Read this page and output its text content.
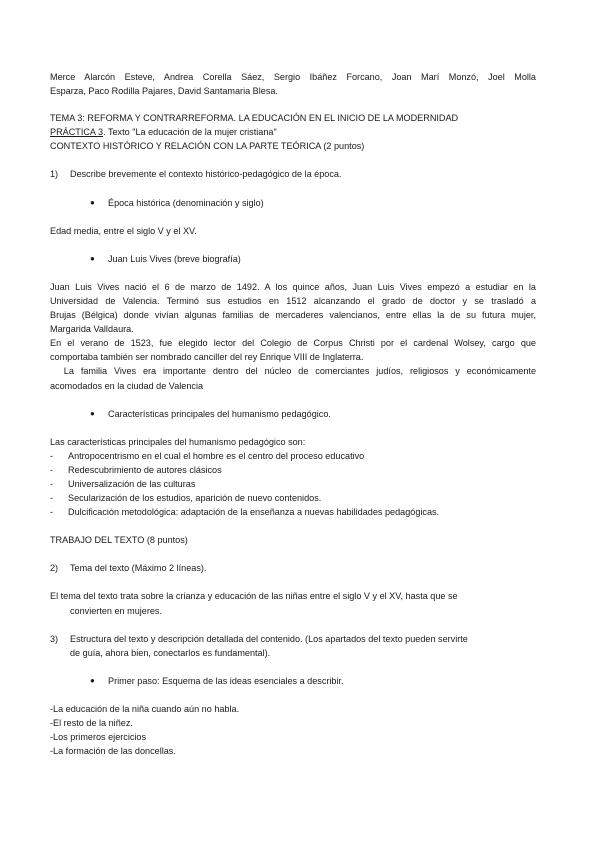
Merce Alarcón Esteve, Andrea Corella Sáez, Sergio Ibáñez Forcano, Joan Marí Monzó, Joel Molla

Esparza, Paco Rodilla Pajares, David Santamaria Blesa.

TEMA 3: REFORMA Y CONTRARREFORMA. LA EDUCACIÓN EN EL INICIO DE LA MODERNIDAD

PRÁCTICA 3. Texto "La educación de la mujer cristiana"

CONTEXTO HISTÓRICO Y RELACIÓN CON LA PARTE TEÓRICA (2 puntos)

1)	Describe brevemente el contexto histórico-pedagógico de la época.
●	Época histórica (denominación y siglo)

Edad media, entre el siglo V y el XV.

●	Juan Luis Vives (breve biografía)

Juan Luis Vives nació el 6 de marzo de 1492. A los quince años, Juan Luis Vives empezó a estudiar en la

Universidad de Valencia. Terminó sus estudios en 1512 alcanzando el grado de doctor y se trasladó a

Brujas (Bélgica) donde vivían algunas familias de mercaderes valencianos, entre ellas la de su futura mujer,

Margarida Valldaura.

En el verano de 1523, fue elegido lector del Colegio de Corpus Christi por el cardenal Wolsey, cargo que

comportaba también ser nombrado canciller del rey Enrique VIII de Inglaterra.

La familia Vives era importante dentro del núcleo de comerciantes judíos, religiosos y económicamente

acomodados en la ciudad de Valencia

●	Características principales del humanismo pedagógico.

Las características principales del humanismo pedagógico son:

-	Antropocentrismo en el cual el hombre es el centro del proceso educativo
-	Redescubrimiento de autores clásicos
-	Universalización de las culturas
-	Secularización de los estudios, aparición de nuevo contenidos.
-	Dulcificación metodológica: adaptación de la enseñanza a nuevas habilidades pedagógicas.

TRABAJO DEL TEXTO (8 puntos)

2)	Tema del texto (Máximo 2 líneas).

El tema del texto trata sobre la crianza y educación de las niñas entre el siglo V y el XV, hasta que se

convierten en mujeres.

3)	Estructura del texto y descripción detallada del contenido. (Los apartados del texto pueden servirte

de guía, ahora bien, conectarlos es fundamental).

●	Primer paso: Esquema de las ideas esenciales a describir.

-La educación de la niña cuando aún no habla.

-El resto de la niñez.

-Los primeros ejercicios

-La formación de las doncellas.
